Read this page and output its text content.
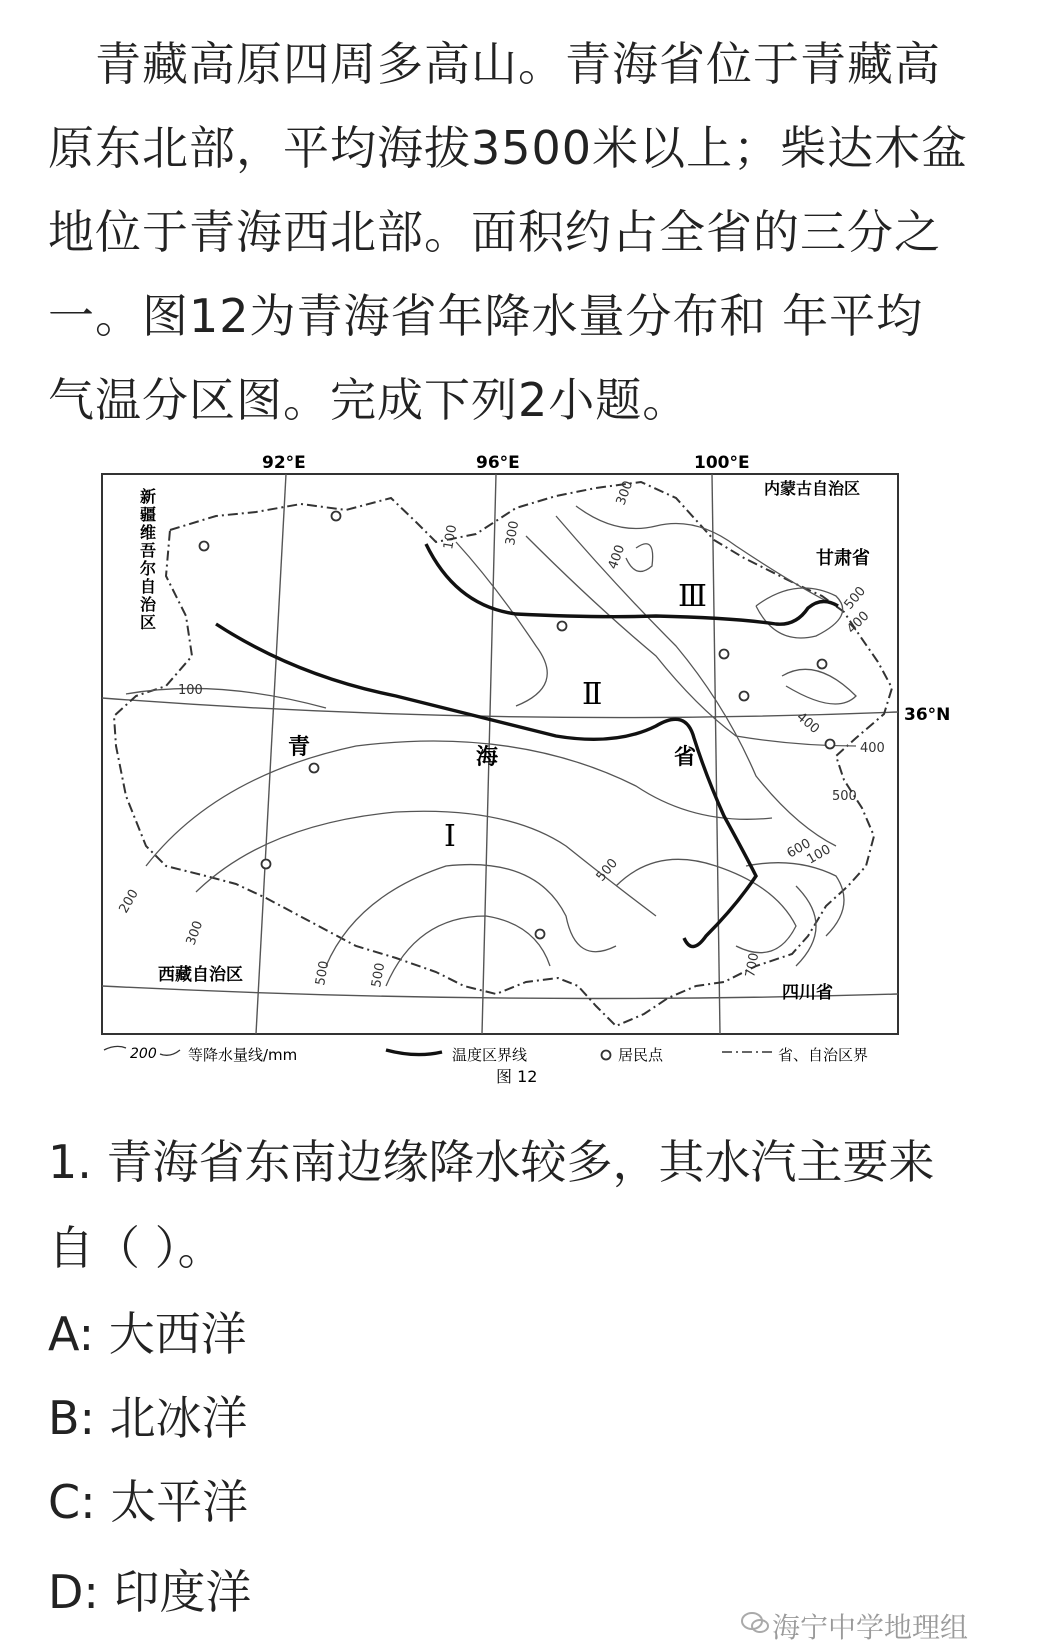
　青藏高原四周多高山。青海省位于青藏高
原东北部，平均海拔3500米以上；柴达木盆
地位于青海西北部。面积约占全省的三分之
一。图12为青海省年降水量分布和 年平均
气温分区图。完成下列2小题。
92°E	96°E	100°E
36°N
新疆维吾尔自治区
内蒙古自治区
甘肃省
西藏自治区
四川省
青	海	省
Ⅰ
Ⅱ
Ⅲ
100
100
200
300
300
300
400
400
400
400
500	500
500
500
500
600
700
100
200 等降水量线/mm	温度区界线	居民点	省、自治区界
图 12
1. 青海省东南边缘降水较多，其水汽主要来
自（ ）。
A: 大西洋
B: 北冰洋
C: 太平洋
D: 印度洋
海宁中学地理组
